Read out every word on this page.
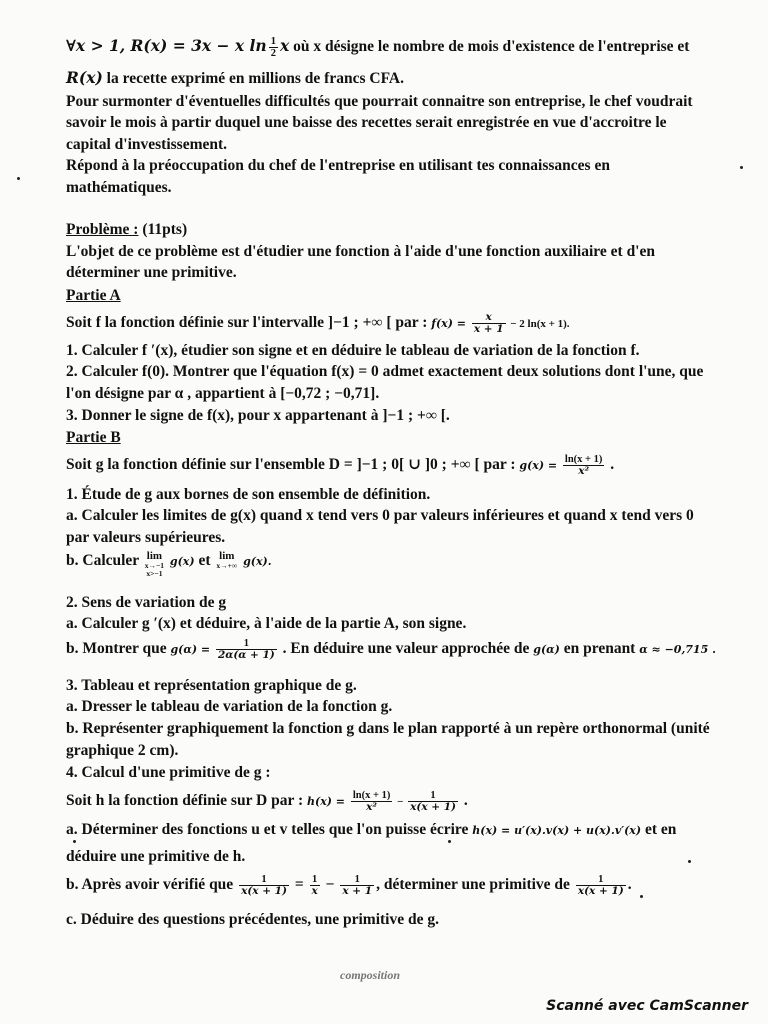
∀x > 1, R(x) = 3x − x $\ln \frac{1}{2}$ x où x désigne le nombre de mois d'existence de l'entreprise et
R(x) la recette exprimé en millions de francs CFA.
Pour surmonter d'éventuelles difficultés que pourrait connaitre son entreprise, le chef voudrait
savoir le mois à partir duquel une baisse des recettes serait enregistrée en vue d'accroitre le
capital d'investissement.
Répond à la préoccupation du chef de l'entreprise en utilisant tes connaissances en
mathématiques.
Problème : (11pts)
L'objet de ce problème est d'étudier une fonction à l'aide d'une fonction auxiliaire et d'en
déterminer une primitive.
Partie A
Soit f la fonction définie sur l'intervalle ]−1 ; +∞ [ par : $f(x) = \frac{x}{x + 1} - 2$ ln(x + 1).
1. Calculer f ′(x), étudier son signe et en déduire le tableau de variation de la fonction f.
2. Calculer f(0). Montrer que l'équation f(x) = 0 admet exactement deux solutions dont l'une, que
l'on désigne par α , appartient à [−0,72 ; −0,71].
3. Donner le signe de f(x), pour x appartenant à ]−1 ; +∞ [.
Partie B
Soit g la fonction définie sur l'ensemble D = ]−1 ; 0[ ∪ ]0 ; +∞ [ par : $g(x) = \frac{\ln(x + 1)}{\text{x²}}$ .
1. Étude de g aux bornes de son ensemble de définition.
a. Calculer les limites de g(x) quand x tend vers 0 par valeurs inférieures et quand x tend vers 0
par valeurs supérieures.
b. Calculer lim
x→−1
x>−1
g(x) et lim
x→+∞ g(x).
2. Sens de variation de g
a. Calculer g ′(x) et déduire, à l'aide de la partie A, son signe.
b. Montrer que $g(\alpha) = \frac{1}{2\alpha(\alpha + 1)}$ . En déduire une valeur approchée de g(α) en prenant α ≈ −0,715 .
3. Tableau et représentation graphique de g.
a. Dresser le tableau de variation de la fonction g.
b. Représenter graphiquement la fonction g dans le plan rapporté à un repère orthonormal (unité
graphique 2 cm).
4. Calcul d'une primitive de g :
Soit h la fonction définie sur D par : $h(x) = \frac{\ln(x + 1)}{\text{x²}} - \frac{1}{x(x + 1)}$ .
a. Déterminer des fonctions u et v telles que l'on puisse écrire h(x) = u′(x).v(x) + u(x).v′(x) et en
déduire une primitive de h.
b. Après avoir vérifié que $\frac{1}{x(x + 1)} = \frac{1}{x} - \frac{1}{x + 1}$ , déterminer une primitive de $\frac{1}{x(x + 1)}$ .
c. Déduire des questions précédentes, une primitive de g.
composition
Scanné avec CamScanner
